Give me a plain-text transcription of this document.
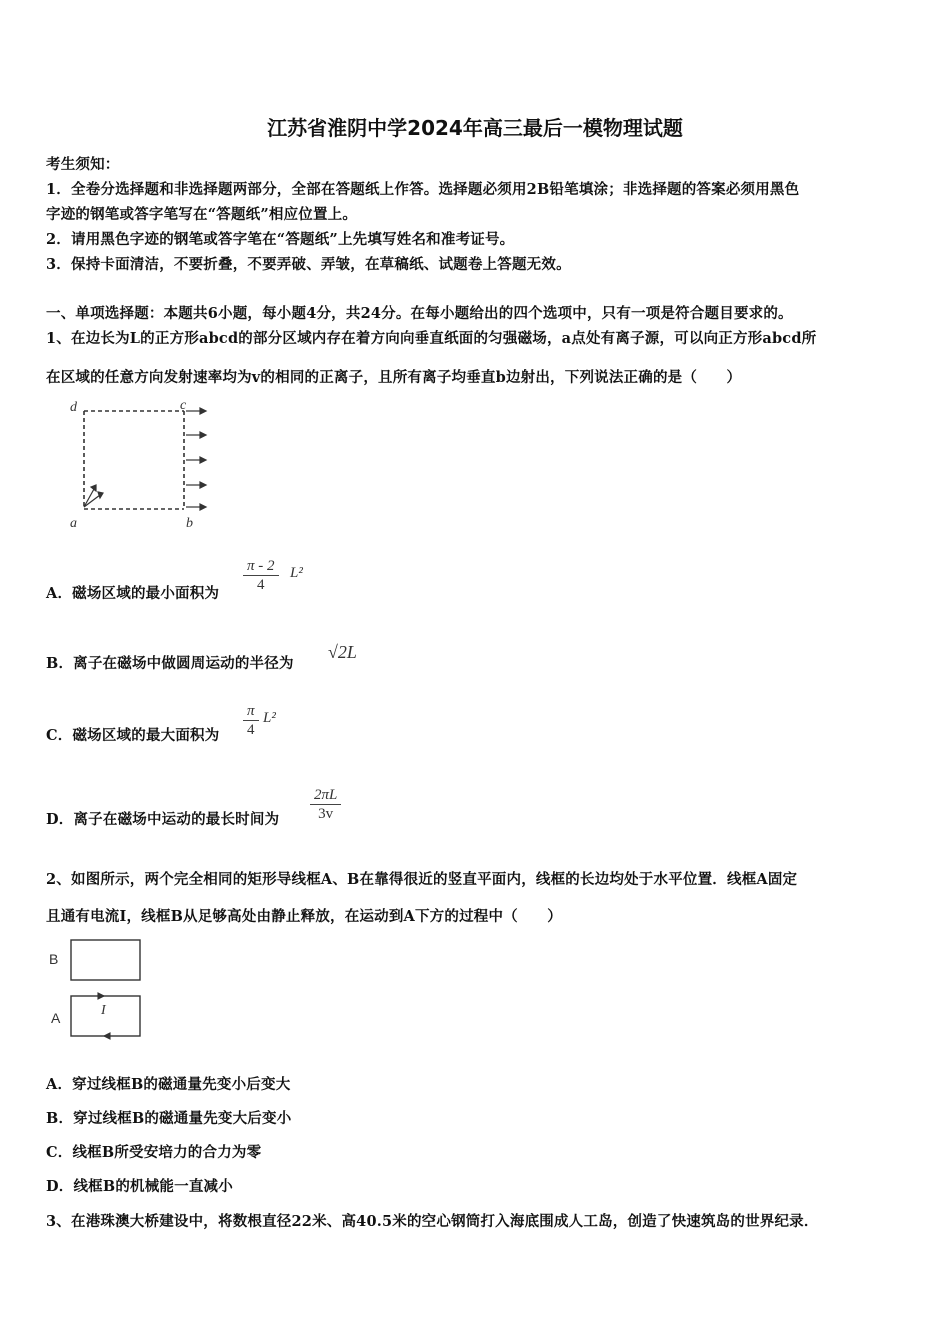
江苏省淮阴中学2024年高三最后一模物理试题
考生须知：
1．全卷分选择题和非选择题两部分，全部在答题纸上作答。选择题必须用2B铅笔填涂；非选择题的答案必须用黑色
字迹的钢笔或答字笔写在“答题纸”相应位置上。
2．请用黑色字迹的钢笔或答字笔在“答题纸”上先填写姓名和准考证号。
3．保持卡面清洁，不要折叠，不要弄破、弄皱，在草稿纸、试题卷上答题无效。
一、单项选择题：本题共6小题，每小题4分，共24分。在每小题给出的四个选项中，只有一项是符合题目要求的。
1、在边长为L的正方形abcd的部分区域内存在着方向向垂直纸面的匀强磁场，a点处有离子源，可以向正方形abcd所
在区域的任意方向发射速率均为v的相同的正离子，且所有离子均垂直b边射出，下列说法正确的是（　　）
d	c
a	b
A．磁场区域的最小面积为 $\frac{\pi - 2}{4} L^2$
B．离子在磁场中做圆周运动的半径为
√2L
C．磁场区域的最大面积为 $\frac{\pi}{4} L^2$
D．离子在磁场中运动的最长时间为 $\frac{2\pi L}{3v}$
2、如图所示，两个完全相同的矩形导线框A、B在靠得很近的竖直平面内，线框的长边均处于水平位置．线框A固定
且通有电流I，线框B从足够高处由静止释放，在运动到A下方的过程中（　　）
B
A	I
A．穿过线框B的磁通量先变小后变大
B．穿过线框B的磁通量先变大后变小
C．线框B所受安培力的合力为零
D．线框B的机械能一直减小
3、在港珠澳大桥建设中，将数根直径22米、高40.5米的空心钢筒打入海底围成人工岛，创造了快速筑岛的世界纪录．
